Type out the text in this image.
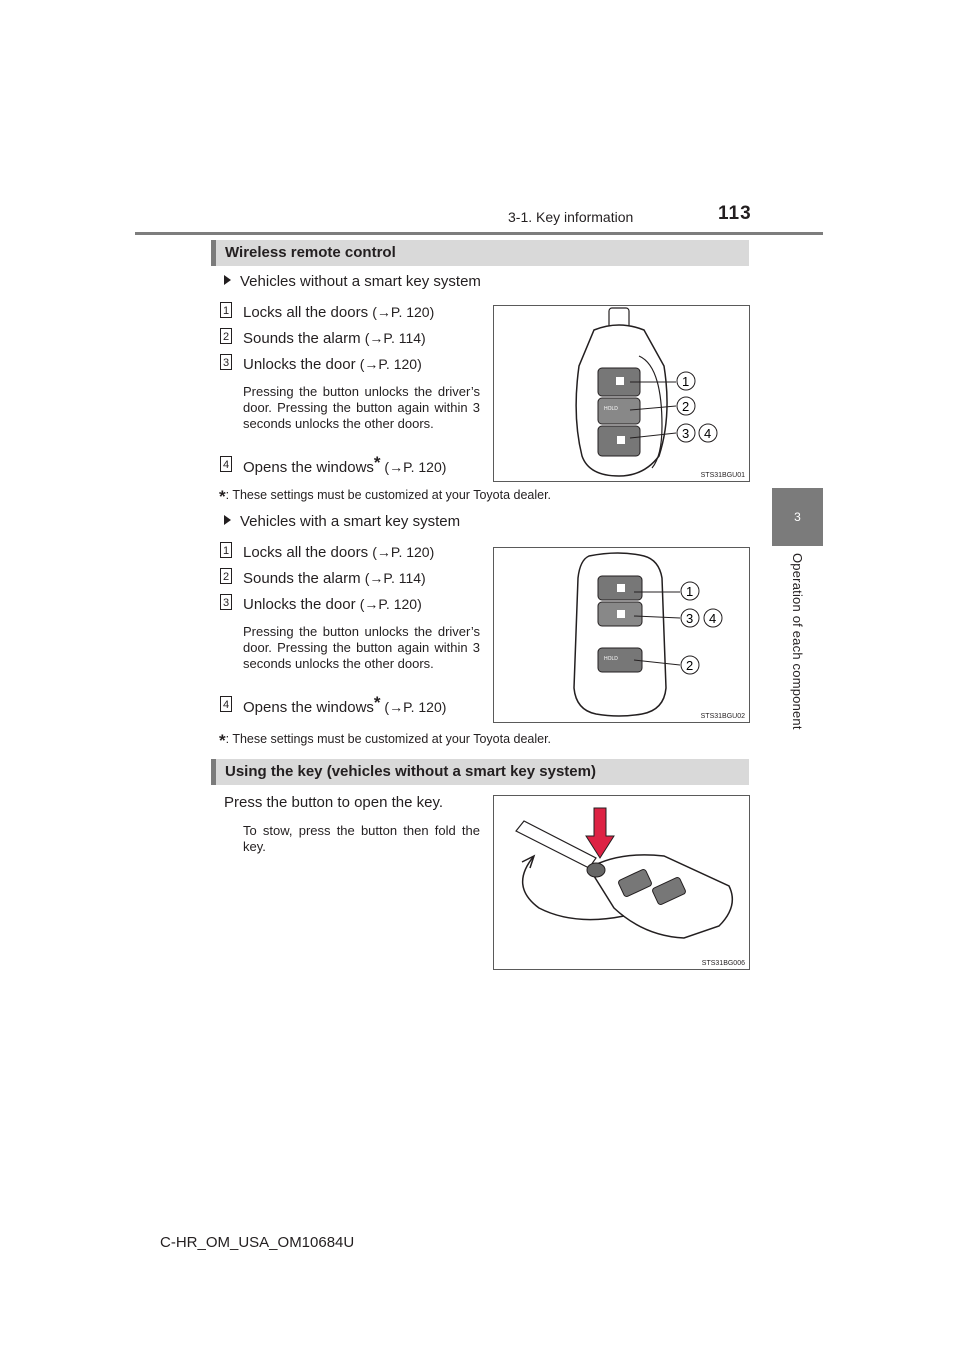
3-1. Key information	113
3
Operation of each component
Wireless remote control
Vehicles without a smart key system
1 Locks all the doors (→P. 120)
2 Sounds the alarm (→P. 114)
3 Unlocks the door (→P. 120)
Pressing the button unlocks the driver’s door. Pressing the button again within 3 seconds unlocks the other doors.
4 Opens the windows* (→P. 120)
*: These settings must be customized at your Toyota dealer.
HOLD
1
2
3 4
STS31BGU01
Vehicles with a smart key system
1 Locks all the doors (→P. 120)
2 Sounds the alarm (→P. 114)
3 Unlocks the door (→P. 120)
Pressing the button unlocks the driver’s door. Pressing the button again within 3 seconds unlocks the other doors.
4 Opens the windows* (→P. 120)
*: These settings must be customized at your Toyota dealer.
HOLD
1
3 4
2
STS31BGU02
Using the key (vehicles without a smart key system)
Press the button to open the key.
To stow, press the button then fold the key.
STS31BG006
C-HR_OM_USA_OM10684U
